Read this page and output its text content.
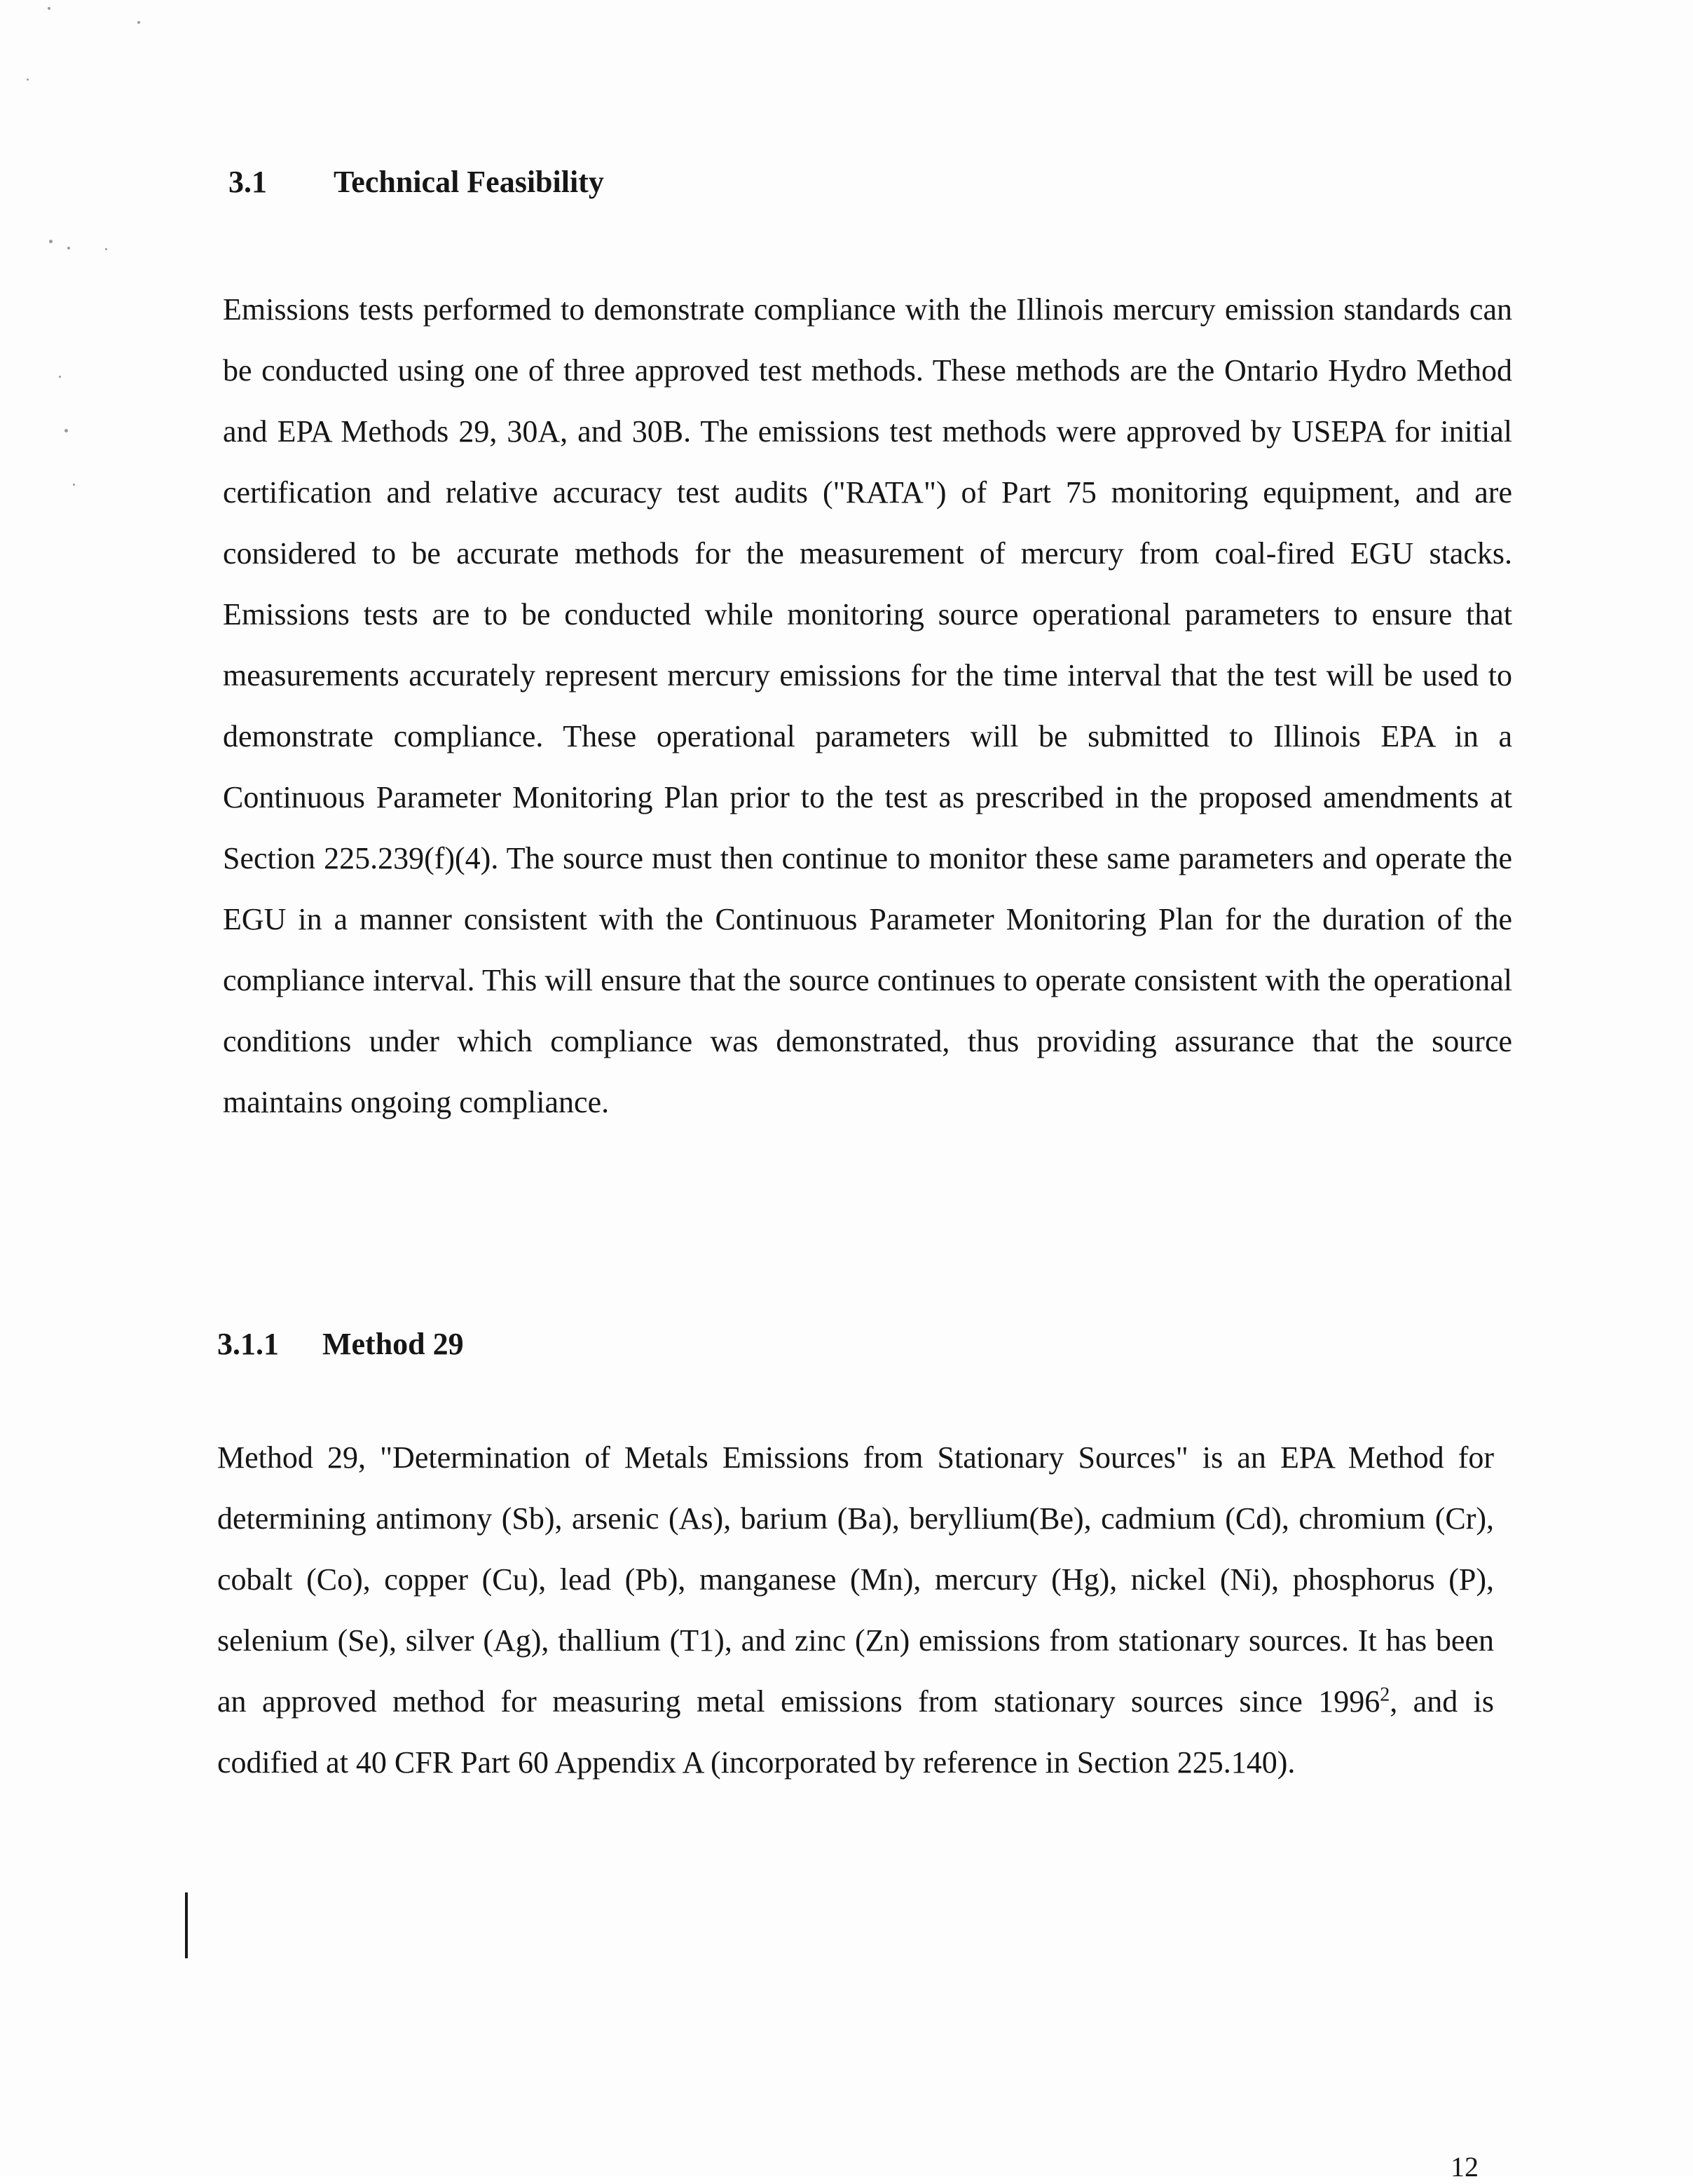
3.1 Technical Feasibility

Emissions tests performed to demonstrate compliance with the Illinois mercury emission standards can be conducted using one of three approved test methods. These methods are the Ontario Hydro Method and EPA Methods 29, 30A, and 30B. The emissions test methods were approved by USEPA for initial certification and relative accuracy test audits ("RATA") of Part 75 monitoring equipment, and are considered to be accurate methods for the measurement of mercury from coal-fired EGU stacks. Emissions tests are to be conducted while monitoring source operational parameters to ensure that measurements accurately represent mercury emissions for the time interval that the test will be used to demonstrate compliance. These operational parameters will be submitted to Illinois EPA in a Continuous Parameter Monitoring Plan prior to the test as prescribed in the proposed amendments at Section 225.239(f)(4). The source must then continue to monitor these same parameters and operate the EGU in a manner consistent with the Continuous Parameter Monitoring Plan for the duration of the compliance interval. This will ensure that the source continues to operate consistent with the operational conditions under which compliance was demonstrated, thus providing assurance that the source maintains ongoing compliance.

3.1.1 Method 29

Method 29, "Determination of Metals Emissions from Stationary Sources" is an EPA Method for determining antimony (Sb), arsenic (As), barium (Ba), beryllium(Be), cadmium (Cd), chromium (Cr), cobalt (Co), copper (Cu), lead (Pb), manganese (Mn), mercury (Hg), nickel (Ni), phosphorus (P), selenium (Se), silver (Ag), thallium (T1), and zinc (Zn) emissions from stationary sources. It has been an approved method for measuring metal emissions from stationary sources since 1996$^2$, and is codified at 40 CFR Part 60 Appendix A (incorporated by reference in Section 225.140).

12
